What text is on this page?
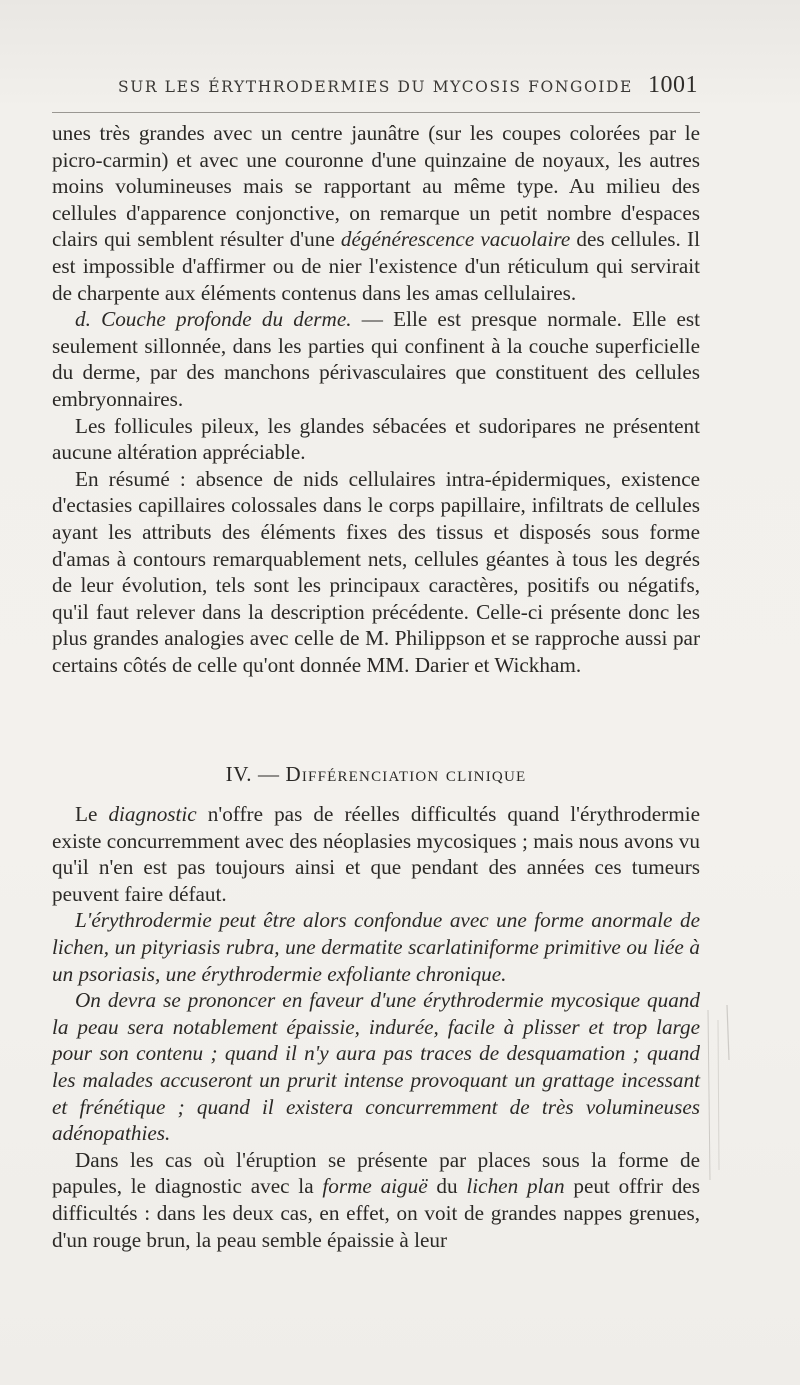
SUR LES ÉRYTHRODERMIES DU MYCOSIS FONGOIDE 1001

unes très grandes avec un centre jaunâtre (sur les coupes colorées par le picro-carmin) et avec une couronne d'une quinzaine de noyaux, les autres moins volumineuses mais se rapportant au même type. Au milieu des cellules d'apparence conjonctive, on remarque un petit nombre d'espaces clairs qui semblent résulter d'une dégénérescence vacuolaire des cellules. Il est impossible d'affirmer ou de nier l'existence d'un réticulum qui servirait de charpente aux éléments contenus dans les amas cellulaires.

d. Couche profonde du derme. — Elle est presque normale. Elle est seulement sillonnée, dans les parties qui confinent à la couche superficielle du derme, par des manchons périvasculaires que constituent des cellules embryonnaires.

Les follicules pileux, les glandes sébacées et sudoripares ne présentent aucune altération appréciable.

En résumé : absence de nids cellulaires intra-épidermiques, existence d'ectasies capillaires colossales dans le corps papillaire, infiltrats de cellules ayant les attributs des éléments fixes des tissus et disposés sous forme d'amas à contours remarquablement nets, cellules géantes à tous les degrés de leur évolution, tels sont les principaux caractères, positifs ou négatifs, qu'il faut relever dans la description précédente. Celle-ci présente donc les plus grandes analogies avec celle de M. Philippson et se rapproche aussi par certains côtés de celle qu'ont donnée MM. Darier et Wickham.

IV. — Différenciation clinique

Le diagnostic n'offre pas de réelles difficultés quand l'érythrodermie existe concurremment avec des néoplasies mycosiques ; mais nous avons vu qu'il n'en est pas toujours ainsi et que pendant des années ces tumeurs peuvent faire défaut.

L'érythrodermie peut être alors confondue avec une forme anormale de lichen, un pityriasis rubra, une dermatite scarlatiniforme primitive ou liée à un psoriasis, une érythrodermie exfoliante chronique.

On devra se prononcer en faveur d'une érythrodermie mycosique quand la peau sera notablement épaissie, indurée, facile à plisser et trop large pour son contenu ; quand il n'y aura pas traces de desquamation ; quand les malades accuseront un prurit intense provoquant un grattage incessant et frénétique ; quand il existera concurremment de très volumineuses adénopathies.

Dans les cas où l'éruption se présente par places sous la forme de papules, le diagnostic avec la forme aiguë du lichen plan peut offrir des difficultés : dans les deux cas, en effet, on voit de grandes nappes grenues, d'un rouge brun, la peau semble épaissie à leur
